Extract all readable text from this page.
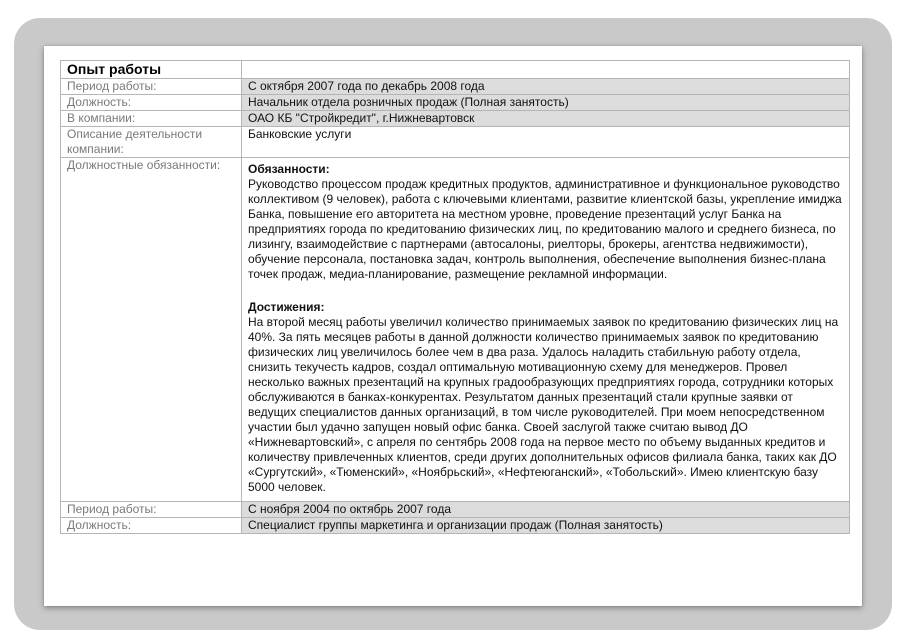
Опыт работы	
Период работы:	С октября 2007 года по декабрь 2008 года
Должность:	Начальник отдела розничных продаж (Полная занятость)
В компании:	ОАО КБ "Стройкредит", г.Нижневартовск
Описание деятельности компании:	Банковские услуги
Должностные обязанности:	Обязанности:

Руководство процессом продаж кредитных продуктов, административное и функциональное руководство коллективом (9 человек), работа с ключевыми клиентами, развитие клиентской базы, укрепление имиджа Банка, повышение его авторитета на местном уровне, проведение презентаций услуг Банка на предприятиях города по кредитованию физических лиц, по кредитованию малого и среднего бизнеса, по лизингу, взаимодействие с партнерами (автосалоны, риелторы, брокеры, агентства недвижимости), обучение персонала, постановка задач, контроль выполнения, обеспечение выполнения бизнес-плана точек продаж, медиа-планирование, размещение рекламной информации.

Достижения:

На второй месяц работы увеличил количество принимаемых заявок по кредитованию физических лиц на 40%. За пять месяцев работы в данной должности количество принимаемых заявок по кредитованию физических лиц увеличилось более чем в два раза. Удалось наладить стабильную работу отдела, снизить текучесть кадров, создал оптимальную мотивационную схему для менеджеров. Провел несколько важных презентаций на крупных градообразующих предприятиях города, сотрудники которых обслуживаются в банках-конкурентах. Результатом данных презентаций стали крупные заявки от ведущих специалистов данных организаций, в том числе руководителей. При моем непосредственном участии был удачно запущен новый офис банка. Своей заслугой также считаю вывод ДО «Нижневартовский», с апреля по сентябрь 2008 года на первое место по объему выданных кредитов и количеству привлеченных клиентов, среди других дополнительных офисов филиала банка, таких как ДО «Сургутский», «Тюменский», «Ноябрьский», «Нефтеюганский», «Тобольский». Имею клиентскую базу 5000 человек.

Период работы:	С ноября 2004 по октябрь 2007 года
Должность:	Специалист группы маркетинга и организации продаж (Полная занятость)
